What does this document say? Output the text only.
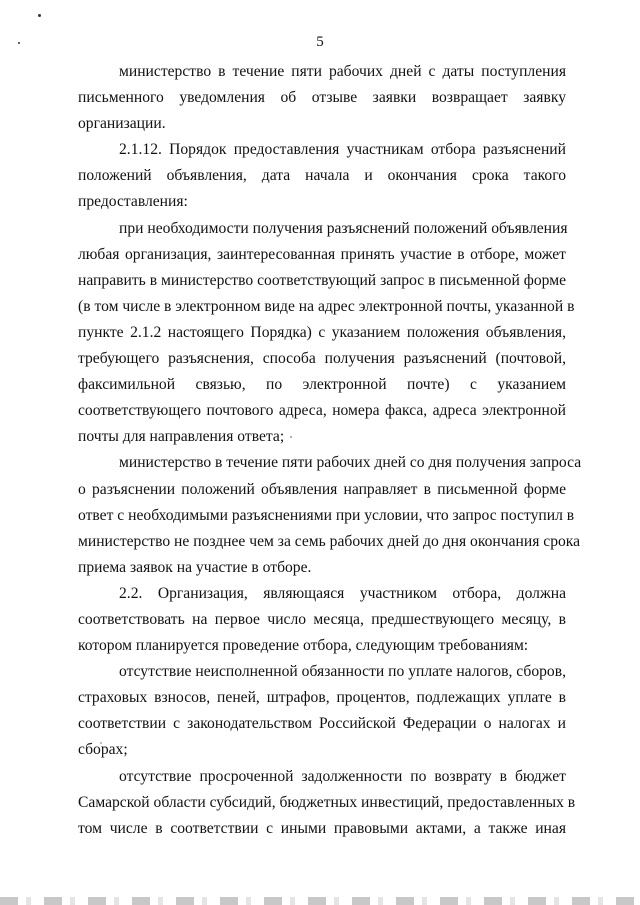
5
министерство в течение пяти рабочих дней с даты поступления
письменного уведомления об отзыве заявки возвращает заявку
организации.
2.1.12. Порядок предоставления участникам отбора разъяснений
положений объявления, дата начала и окончания срока такого
предоставления:
при необходимости получения разъяснений положений объявления
любая организация, заинтересованная принять участие в отборе, может
направить в министерство соответствующий запрос в письменной форме
(в том числе в электронном виде на адрес электронной почты, указанной в
пункте 2.1.2 настоящего Порядка) с указанием положения объявления,
требующего разъяснения, способа получения разъяснений (почтовой,
факсимильной связью, по электронной почте) с указанием
соответствующего почтового адреса, номера факса, адреса электронной
почты для направления ответа;
министерство в течение пяти рабочих дней со дня получения запроса
о разъяснении положений объявления направляет в письменной форме
ответ с необходимыми разъяснениями при условии, что запрос поступил в
министерство не позднее чем за семь рабочих дней до дня окончания срока
приема заявок на участие в отборе.
2.2. Организация, являющаяся участником отбора, должна
соответствовать на первое число месяца, предшествующего месяцу, в
котором планируется проведение отбора, следующим требованиям:
отсутствие неисполненной обязанности по уплате налогов, сборов,
страховых взносов, пеней, штрафов, процентов, подлежащих уплате в
соответствии с законодательством Российской Федерации о налогах и
сборах;
отсутствие просроченной задолженности по возврату в бюджет
Самарской области субсидий, бюджетных инвестиций, предоставленных в
том числе в соответствии с иными правовыми актами, а также иная
